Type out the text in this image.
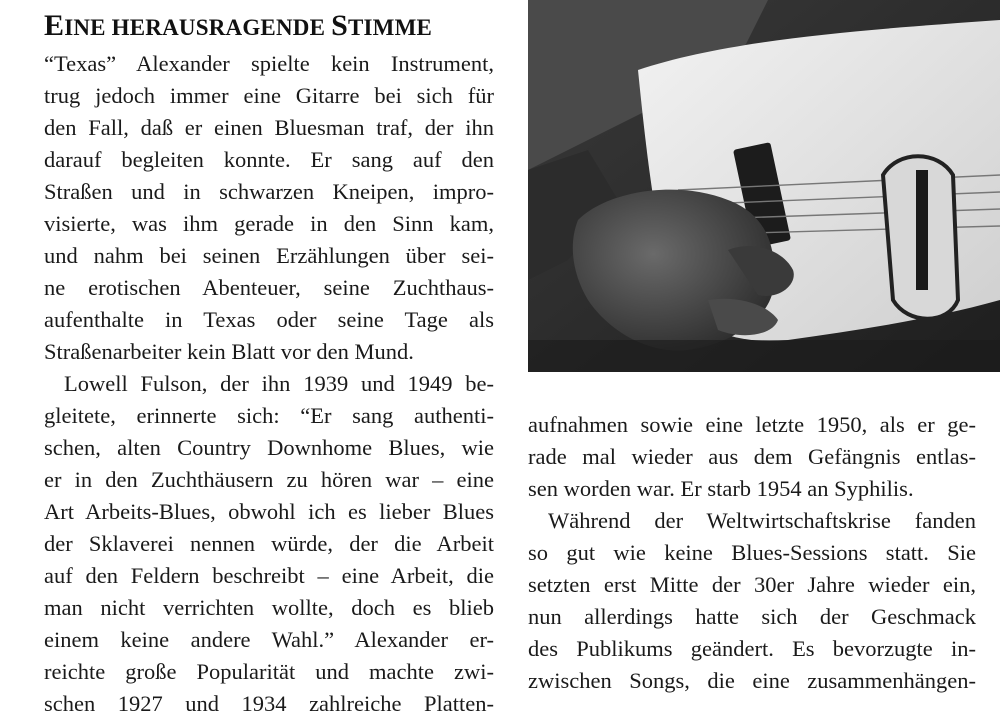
EINE HERAUSRAGENDE STIMME
“Texas” Alexander spielte kein Instrument,
trug jedoch immer eine Gitarre bei sich für
den Fall, daß er einen Bluesman traf, der ihn
darauf begleiten konnte. Er sang auf den
Straßen und in schwarzen Kneipen, impro-
visierte, was ihm gerade in den Sinn kam,
und nahm bei seinen Erzählungen über sei-
ne erotischen Abenteuer, seine Zuchthaus-
aufenthalte in Texas oder seine Tage als
Straßenarbeiter kein Blatt vor den Mund.
Lowell Fulson, der ihn 1939 und 1949 be-
gleitete, erinnerte sich: “Er sang authenti-
schen, alten Country Downhome Blues, wie
er in den Zuchthäusern zu hören war – eine
Art Arbeits-Blues, obwohl ich es lieber Blues
der Sklaverei nennen würde, der die Arbeit
auf den Feldern beschreibt – eine Arbeit, die
man nicht verrichten wollte, doch es blieb
einem keine andere Wahl.” Alexander er-
reichte große Popularität und machte zwi-
schen 1927 und 1934 zahlreiche Platten-
aufnahmen sowie eine letzte 1950, als er ge-
rade mal wieder aus dem Gefängnis entlas-
sen worden war. Er starb 1954 an Syphilis.
Während der Weltwirtschaftskrise fanden
so gut wie keine Blues-Sessions statt. Sie
setzten erst Mitte der 30er Jahre wieder ein,
nun allerdings hatte sich der Geschmack
des Publikums geändert. Es bevorzugte in-
zwischen Songs, die eine zusammenhängen-
